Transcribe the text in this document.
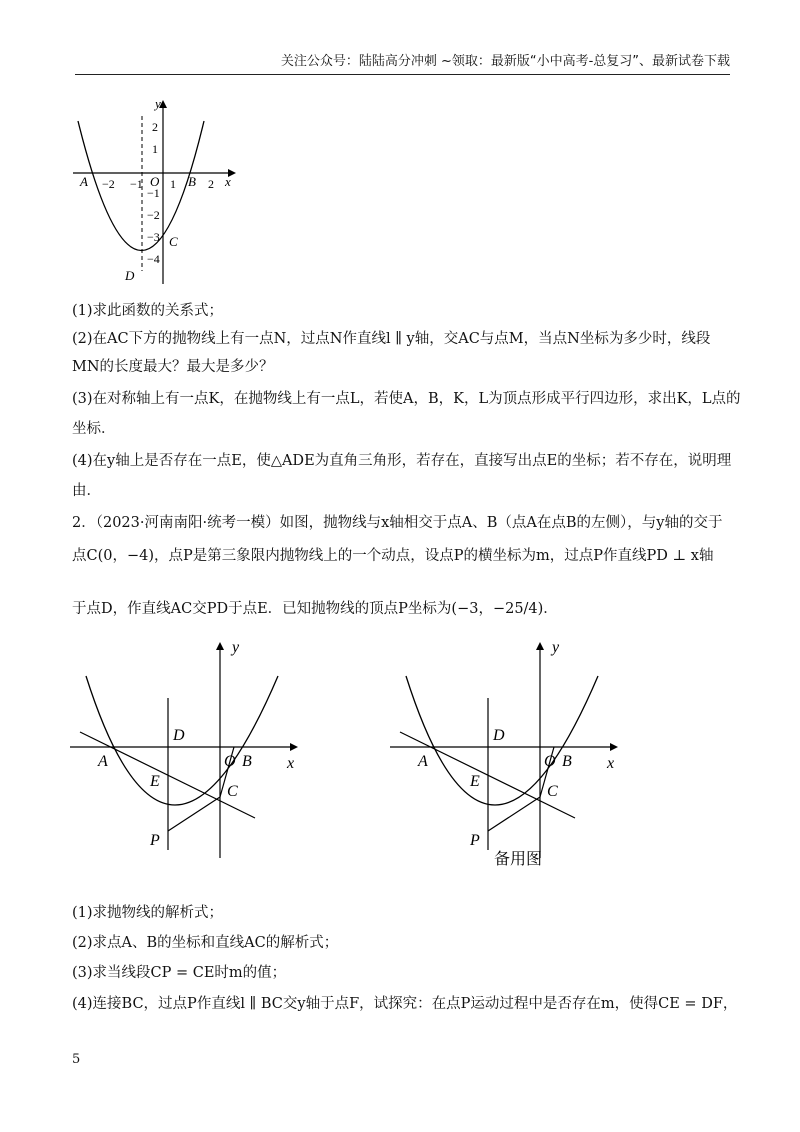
关注公众号：陆陆高分冲刺 ~领取：最新版“小中高考-总复习”、最新试卷下载
y
x
A	B
C
D
O
−2 −1 1	2
2
1
−1
−2
−3
−4
(1)求此函数的关系式；
(2)在AC下方的抛物线上有一点N，过点N作直线l ∥ y轴，交AC与点M，当点N坐标为多少时，线段
MN的长度最大？最大是多少？
(3)在对称轴上有一点K，在抛物线上有一点L，若使A，B，K，L为顶点形成平行四边形，求出K，L点的
坐标．
(4)在y轴上是否存在一点E，使△ADE为直角三角形，若存在，直接写出点E的坐标；若不存在，说明理
由．
2．（2023·河南南阳·统考一模）如图，抛物线与x轴相交于点A、B（点A在点B的左侧），与y轴的交于
点C(0，−4)，点P是第三象限内抛物线上的一个动点，设点P的横坐标为m，过点P作直线PD ⊥ x轴
于点D，作直线AC交PD于点E．已知抛物线的顶点P坐标为(−3，−25/4)．
y
x
A	B
C
D
E
O
P
y
x
A	B
C
D
E
O
P
备用图
(1)求抛物线的解析式；
(2)求点A、B的坐标和直线AC的解析式；
(3)求当线段CP = CE时m的值；
(4)连接BC，过点P作直线l ∥ BC交y轴于点F，试探究：在点P运动过程中是否存在m，使得CE = DF，
5
